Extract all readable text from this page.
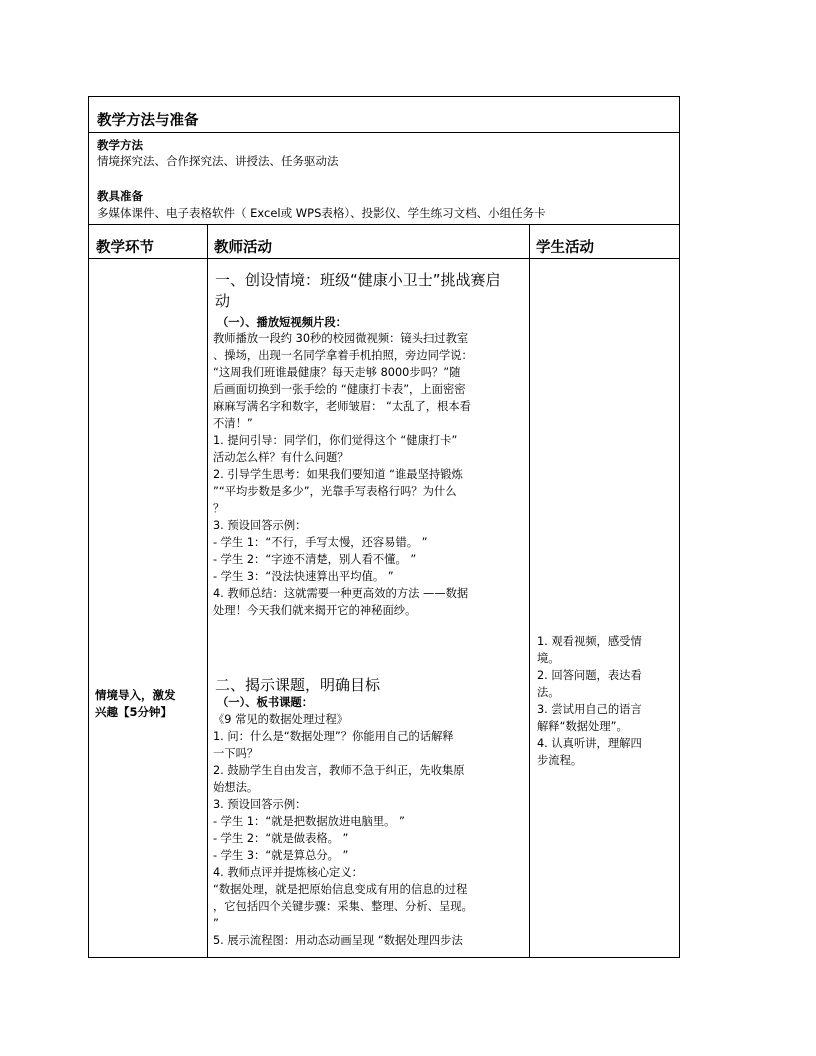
教学方法与准备
教学方法
情境探究法、合作探究法、讲授法、任务驱动法
教具准备
多媒体课件、电子表格软件（ Excel或 WPS表格）、投影仪、学生练习文档、小组任务卡
教学环节	教师活动	学生活动
情境导入，激发
兴趣【5分钟】
一、创设情境：班级“健康小卫士”挑战赛启
动
（一）、播放短视频片段：
教师播放一段约 30秒的校园微视频：镜头扫过教室
、操场，出现一名同学拿着手机拍照，旁边同学说：
“这周我们班谁最健康？每天走够 8000步吗？”随
后画面切换到一张手绘的 “健康打卡表”，上面密密
麻麻写满名字和数字，老师皱眉： “太乱了，根本看
不清！”
1. 提问引导：同学们，你们觉得这个 “健康打卡”
活动怎么样？有什么问题？
2. 引导学生思考：如果我们要知道 “谁最坚持锻炼
”“平均步数是多少”，光靠手写表格行吗？为什么
？
3. 预设回答示例：
- 学生 1：“不行，手写太慢，还容易错。 ”
- 学生 2：“字迹不清楚，别人看不懂。 ”
- 学生 3：“没法快速算出平均值。 ”
4. 教师总结：这就需要一种更高效的方法 ——数据
处理！今天我们就来揭开它的神秘面纱。
二、揭示课题，明确目标
（一）、板书课题：
《9 常见的数据处理过程》
1. 问：什么是“数据处理”？你能用自己的话解释
一下吗？
2. 鼓励学生自由发言，教师不急于纠正，先收集原
始想法。
3. 预设回答示例：
- 学生 1：“就是把数据放进电脑里。 ”
- 学生 2：“就是做表格。 ”
- 学生 3：“就是算总分。 ”
4. 教师点评并提炼核心定义：
“数据处理，就是把原始信息变成有用的信息的过程
，它包括四个关键步骤：采集、整理、分析、呈现。
”
5. 展示流程图：用动态动画呈现 “数据处理四步法
1. 观看视频，感受情
境。
2. 回答问题，表达看
法。
3. 尝试用自己的语言
解释“数据处理”。
4. 认真听讲，理解四
步流程。
